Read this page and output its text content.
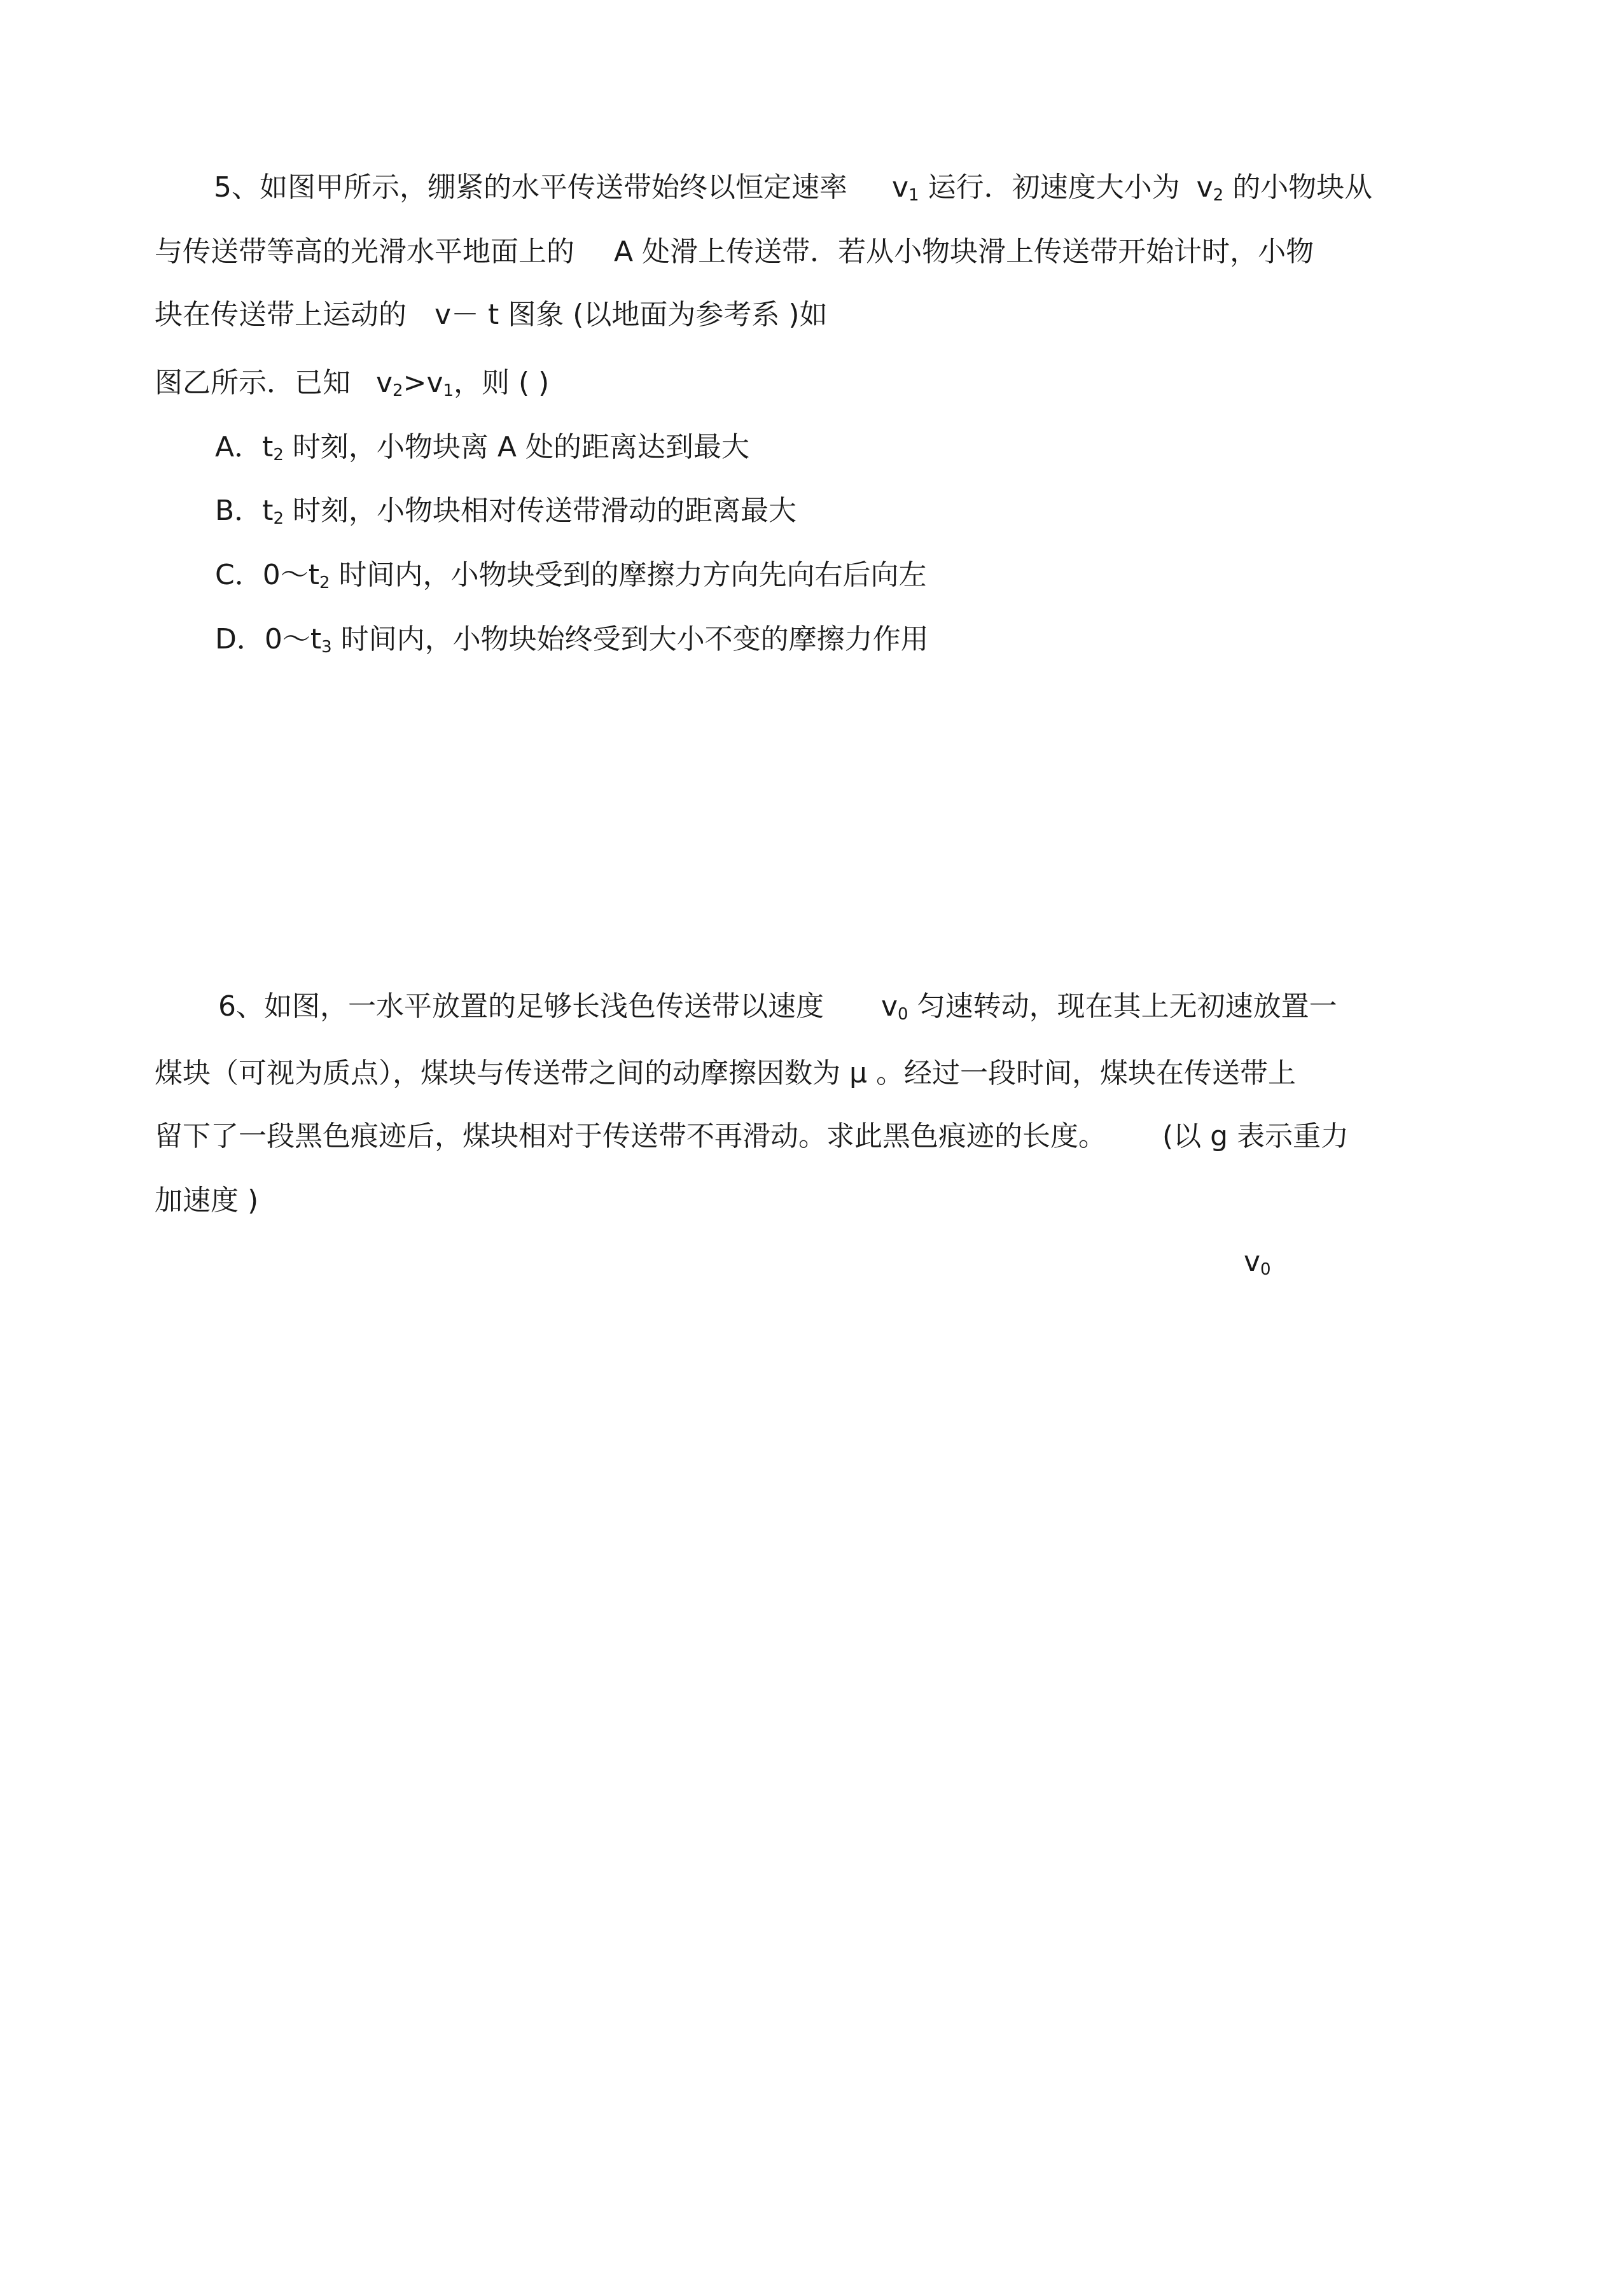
5、如图甲所示，绷紧的水平传送带始终以恒定速率 $v_1$ 运行．初速度大小为 $v_2$ 的小物块从

与传送带等高的光滑水平地面上的 A 处滑上传送带．若从小物块滑上传送带开始计时，小物

块在传送带上运动的 v－ t 图象 (以地面为参考系 )如

图乙所示．已知 $v_2>v_1$，则 ( )

A．$t_2$ 时刻，小物块离 A 处的距离达到最大

B．$t_2$ 时刻，小物块相对传送带滑动的距离最大

C．$0\sim t_2$ 时间内，小物块受到的摩擦力方向先向右后向左

D．$0\sim t_3$ 时间内，小物块始终受到大小不变的摩擦力作用

6、如图，一水平放置的足够长浅色传送带以速度 $v_0$ 匀速转动，现在其上无初速放置一

煤块（可视为质点），煤块与传送带之间的动摩擦因数为 μ 。经过一段时间，煤块在传送带上

留下了一段黑色痕迹后，煤块相对于传送带不再滑动。求此黑色痕迹的长度。 (以 g 表示重力

加速度 )

$v_0$
